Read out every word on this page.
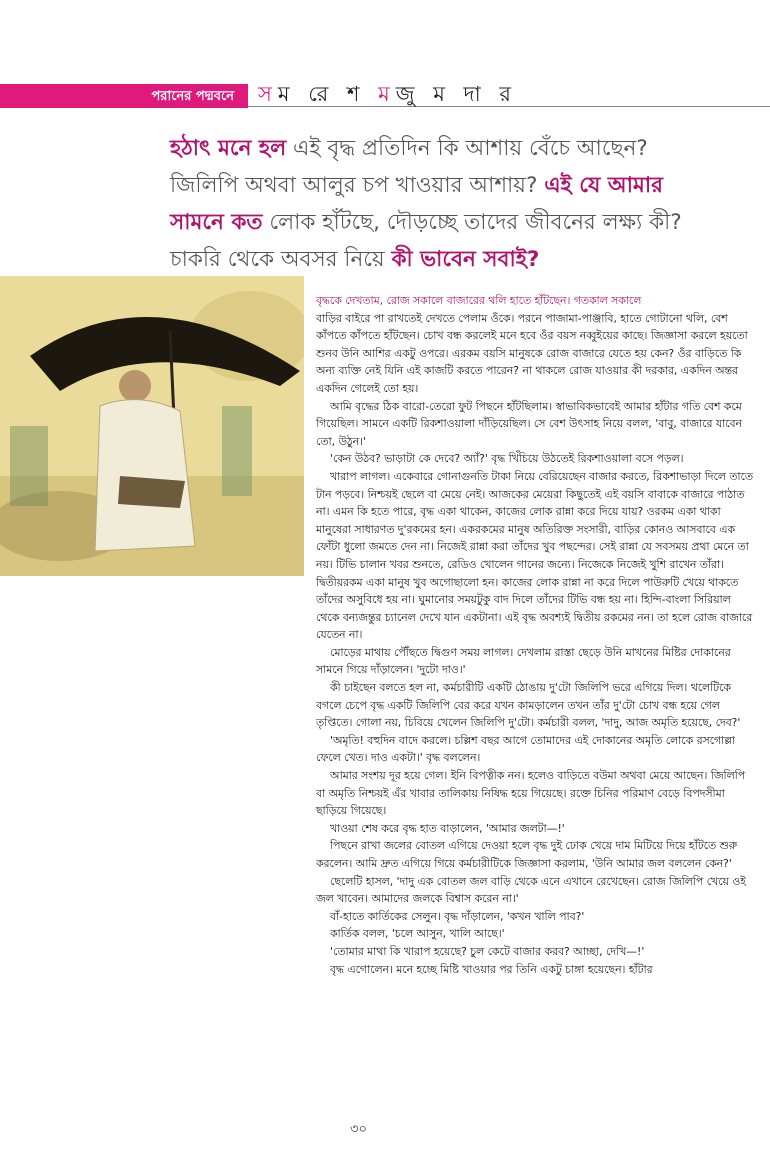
পরানের পদ্মবনে সম রে শ মজু ম দা র
হঠাৎ মনে হল এই বৃদ্ধ প্রতিদিন কি আশায় বেঁচে আছেন?
জিলিপি অথবা আলুর চপ খাওয়ার আশায়? এই যে আমার
সামনে কত লোক হাঁটছে, দৌড়চ্ছে তাদের জীবনের লক্ষ্য কী?
চাকরি থেকে অবসর নিয়ে কী ভাবেন সবাই?

বৃদ্ধকে দেখতাম, রোজ সকালে বাজারের থলি হাতে হাঁটছেন। গতকাল সকালে

বাড়ির বাইরে পা রাখতেই দেখতে পেলাম ওঁকে। পরনে পাজামা-পাঞ্জাবি, হাতে গোটানো থলি, বেশ কাঁপতে কাঁপতে হাঁটছেন। চোখ বন্ধ করলেই মনে হবে ওঁর বয়স নব্বুইয়ের কাছে। জিজ্ঞাসা করলে হয়তো শুনব উনি আশির একটু ওপরে। এরকম বয়সি মানুষকে রোজ বাজারে যেতে হয় কেন? ওঁর বাড়িতে কি অন্য ব্যক্তি নেই যিনি এই কাজটি করতে পারেন? না থাকলে রোজ যাওয়ার কী দরকার, একদিন অন্তর একদিন গেলেই তো হয়।

আমি বৃদ্ধের ঠিক বারো-তেরো ফুট পিছনে হাঁটছিলাম। স্বাভাবিকভাবেই আমার হাঁটার গতি বেশ কমে গিয়েছিল। সামনে একটি রিকশাওয়ালা দাঁড়িয়েছিল। সে বেশ উৎসাহ নিয়ে বলল, 'বাবু, বাজারে যাবেন তো, উঠুন।'

'কেন উঠব? ভাড়াটা কে দেবে? অ্যাঁ?' বৃদ্ধ খিঁচিয়ে উঠতেই রিকশাওয়ালা বসে পড়ল।

খারাপ লাগল। একেবারে গোনাগুনতি টাকা নিয়ে বেরিয়েছেন বাজার করতে, রিকশাভাড়া দিলে তাতে টান পড়বে। নিশ্চয়ই ছেলে বা মেয়ে নেই। আজকের মেয়েরা কিছুতেই এই বয়সি বাবাকে বাজারে পাঠাত না। এমন কি হতে পারে, বৃদ্ধ একা থাকেন, কাজের লোক রান্না করে দিয়ে যায়? ওরকম একা থাকা মানুষেরা সাধারণত দু'রকমের হন। একরকমের মানুষ অতিরিক্ত সংসারী, বাড়ির কোনও আসবাবে এক ফোঁটা ধুলো জমতে দেন না। নিজেই রান্না করা তাঁদের খুব পছন্দের। সেই রান্না যে সবসময় প্রথা মেনে তা নয়। টিভি চালান খবর শুনতে, রেডিও খোলেন গানের জন্যে। নিজেকে নিজেই খুশি রাখেন তাঁরা। দ্বিতীয়রকম একা মানুষ খুব অগোছালো হন। কাজের লোক রান্না না করে দিলে পাউরুটি খেয়ে থাকতে তাঁদের অসুবিধে হয় না। ঘুমানোর সময়টুকু বাদ দিলে তাঁদের টিভি বন্ধ হয় না। হিন্দি-বাংলা সিরিয়াল থেকে বন্যজন্তুর চ্যানেল দেখে যান একটানা। এই বৃদ্ধ অবশ্যই দ্বিতীয় রকমের নন। তা হলে রোজ বাজারে যেতেন না।

মোড়ের মাথায় পৌঁছতে দ্বিগুণ সময় লাগল। দেখলাম রাস্তা ছেড়ে উনি মাখনের মিষ্টির দোকানের সামনে গিয়ে দাঁড়ালেন। 'দুটো দাও।'

কী চাইছেন বলতে হল না, কর্মচারীটি একটি ঠোঙায় দু'টো জিলিপি ভরে এগিয়ে দিল। থলেটিকে বগলে চেপে বৃদ্ধ একটি জিলিপি বের করে যখন কামড়ালেন তখন তাঁর দু'টো চোখ বন্ধ হয়ে গেল তৃপ্তিতে। গোলা নয়, চিবিয়ে খেলেন জিলিপি দু'টো। কর্মচারী বলল, 'দাদু, আজ অমৃতি হয়েছে, দেব?'

'অমৃতি! বহুদিন বাদে করলে। চল্লিশ বছর আগে তোমাদের এই দোকানের অমৃতি লোকে রসগোল্লা ফেলে খেত। দাও একটা।' বৃদ্ধ বললেন।

আমার সংশয় দূর হয়ে গেল। ইনি বিপত্নীক নন। হলেও বাড়িতে বউমা অথবা মেয়ে আছেন। জিলিপি বা অমৃতি নিশ্চয়ই এঁর খাবার তালিকায় নিষিদ্ধ হয়ে গিয়েছে। রক্তে চিনির পরিমাণ বেড়ে বিপদসীমা ছাড়িয়ে গিয়েছে।

খাওয়া শেষ করে বৃদ্ধ হাত বাড়ালেন, 'আমার জলটা—!'

পিছনে রাখা জলের বোতল এগিয়ে দেওয়া হলে বৃদ্ধ দুই ঢোক খেয়ে দাম মিটিয়ে দিয়ে হাঁটতে শুরু করলেন। আমি দ্রুত এগিয়ে গিয়ে কর্মচারীটিকে জিজ্ঞাসা করলাম, 'উনি আমার জল বললেন কেন?'

ছেলেটি হাসল, 'দাদু এক বোতল জল বাড়ি থেকে এনে এখানে রেখেছেন। রোজ জিলিপি খেয়ে ওই জল খাবেন। আমাদের জলকে বিশ্বাস করেন না।'

বাঁ-হাতে কার্তিকের সেলুন। বৃদ্ধ দাঁড়ালেন, 'কখন খালি পাব?'

কার্তিক বলল, 'চলে আসুন, খালি আছে।'

'তোমার মাথা কি খারাপ হয়েছে? চুল কেটে বাজার করব? আচ্ছা, দেখি—!'

বৃদ্ধ এগোলেন। মনে হচ্ছে মিষ্টি খাওয়ার পর তিনি একটু চাঙ্গা হয়েছেন। হাঁটার

৩০
